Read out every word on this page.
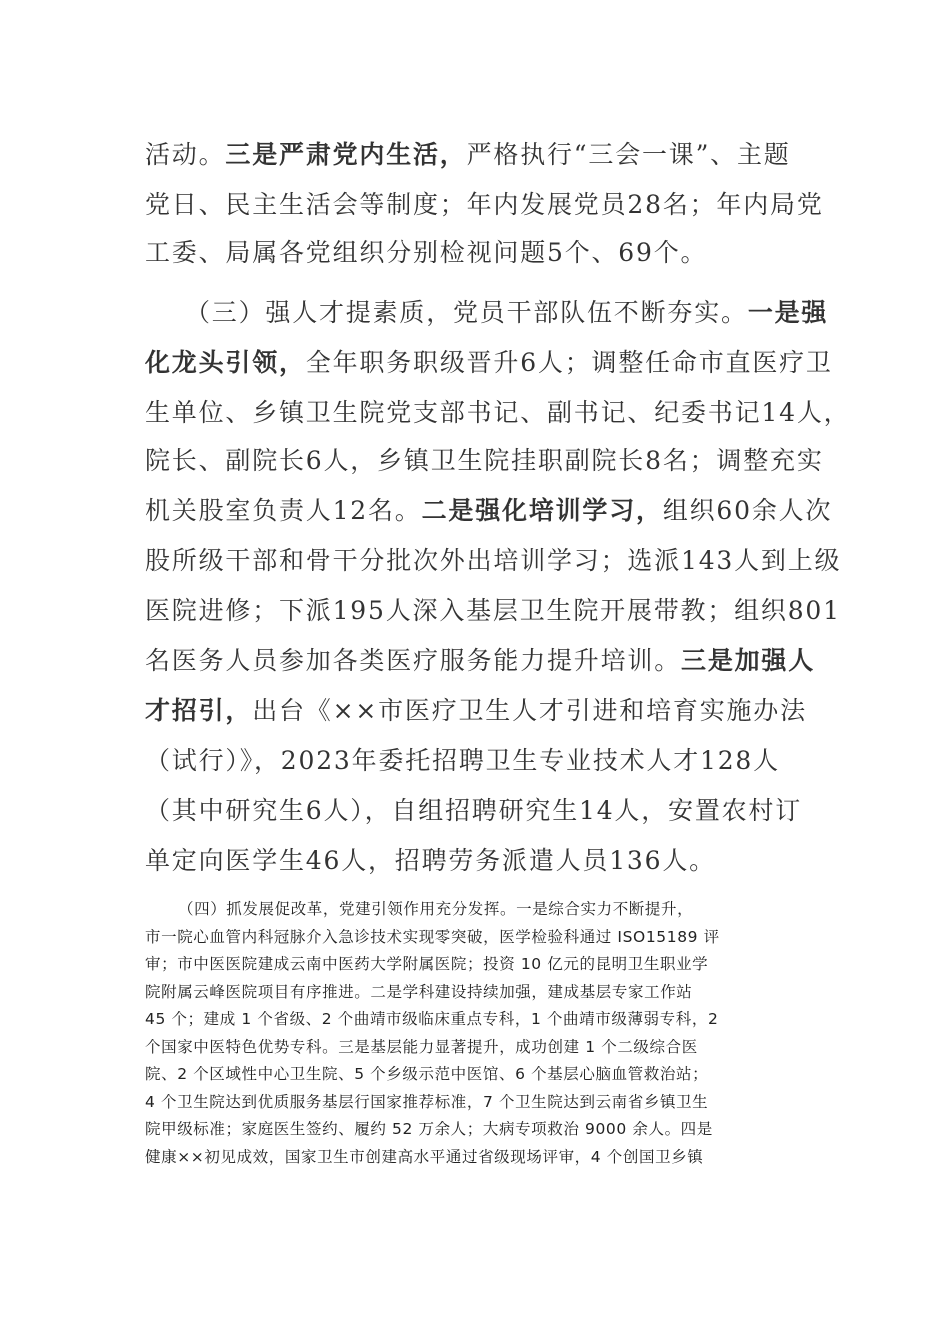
活动。三是严肃党内生活，严格执行“三会一课”、主题
党日、民主生活会等制度；年内发展党员28名；年内局党
工委、局属各党组织分别检视问题5个、69个。
（三）强人才提素质，党员干部队伍不断夯实。一是强
化龙头引领，全年职务职级晋升6人；调整任命市直医疗卫
生单位、乡镇卫生院党支部书记、副书记、纪委书记14人，
院长、副院长6人，乡镇卫生院挂职副院长8名；调整充实
机关股室负责人12名。二是强化培训学习，组织60余人次
股所级干部和骨干分批次外出培训学习；选派143人到上级
医院进修；下派195人深入基层卫生院开展带教；组织801
名医务人员参加各类医疗服务能力提升培训。三是加强人
才招引，出台《××市医疗卫生人才引进和培育实施办法
（试行）》，2023年委托招聘卫生专业技术人才128人
（其中研究生6人），自组招聘研究生14人，安置农村订
单定向医学生46人，招聘劳务派遣人员136人。
（四）抓发展促改革，党建引领作用充分发挥。一是综合实力不断提升，
市一院心血管内科冠脉介入急诊技术实现零突破，医学检验科通过 ISO15189 评
审；市中医医院建成云南中医药大学附属医院；投资 10 亿元的昆明卫生职业学
院附属云峰医院项目有序推进。二是学科建设持续加强，建成基层专家工作站
45 个；建成 1 个省级、2 个曲靖市级临床重点专科，1 个曲靖市级薄弱专科，2
个国家中医特色优势专科。三是基层能力显著提升，成功创建 1 个二级综合医
院、2 个区域性中心卫生院、5 个乡级示范中医馆、6 个基层心脑血管救治站；
4 个卫生院达到优质服务基层行国家推荐标准，7 个卫生院达到云南省乡镇卫生
院甲级标准；家庭医生签约、履约 52 万余人；大病专项救治 9000 余人。四是
健康××初见成效，国家卫生市创建高水平通过省级现场评审，4 个创国卫乡镇
